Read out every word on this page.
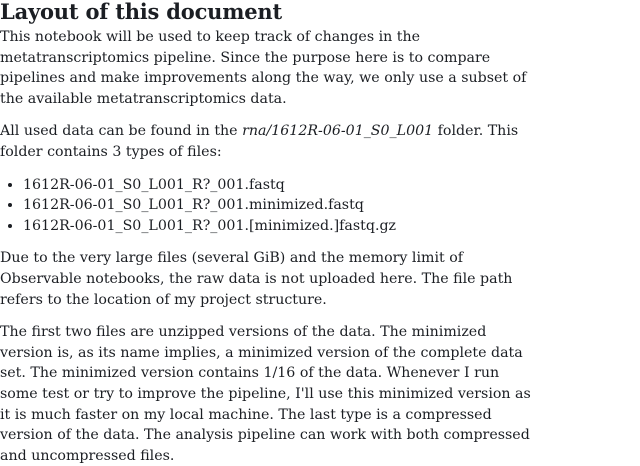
Layout of this document

This notebook will be used to keep track of changes in the metatranscriptomics pipeline. Since the purpose here is to compare pipelines and make improvements along the way, we only use a subset of the available metatranscriptomics data.

All used data can be found in the rna/1612R-06-01_S0_L001 folder. This folder contains 3 types of files:

• 1612R-06-01_S0_L001_R?_001.fastq
• 1612R-06-01_S0_L001_R?_001.minimized.fastq
• 1612R-06-01_S0_L001_R?_001.[minimized.]fastq.gz

Due to the very large files (several GiB) and the memory limit of Observable notebooks, the raw data is not uploaded here. The file path refers to the location of my project structure.

The first two files are unzipped versions of the data. The minimized version is, as its name implies, a minimized version of the complete data set. The minimized version contains 1/16 of the data. Whenever I run some test or try to improve the pipeline, I'll use this minimized version as it is much faster on my local machine. The last type is a compressed version of the data. The analysis pipeline can work with both compressed and uncompressed files.
